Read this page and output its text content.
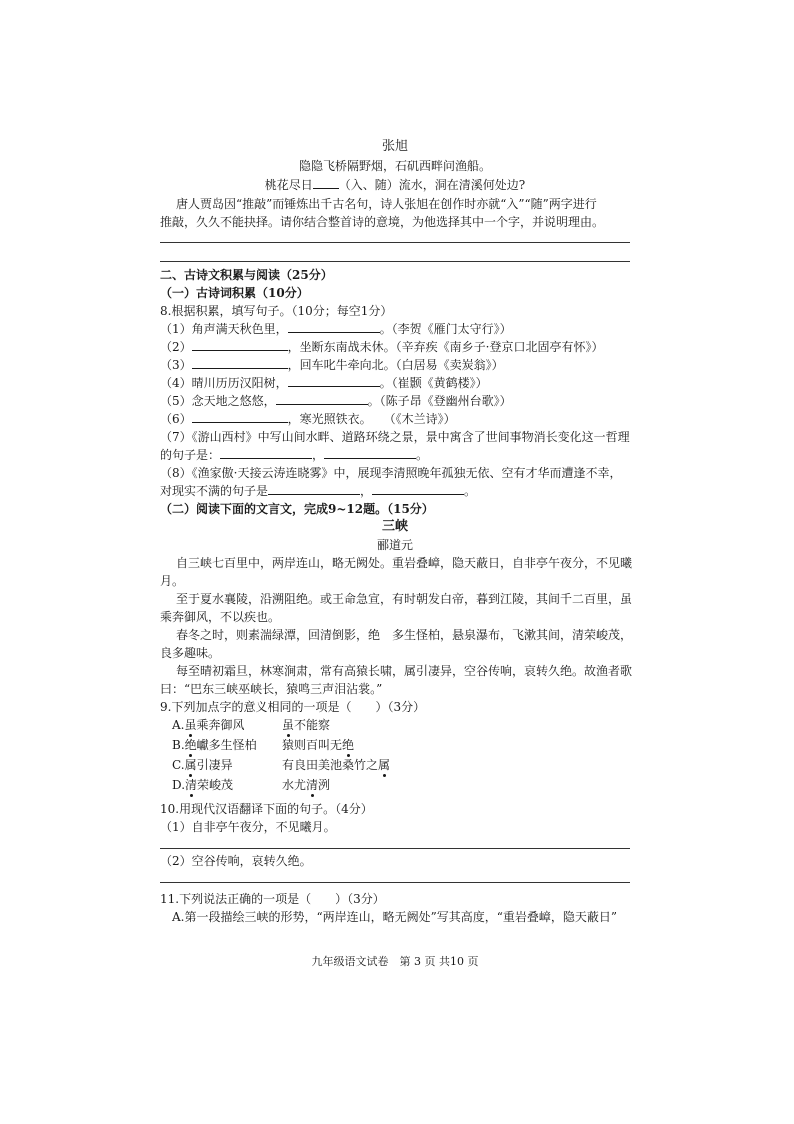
张旭
隐隐飞桥隔野烟，石矶西畔问渔船。
桃花尽日 （入、随）流水，洞在清溪何处边?
唐人贾岛因“推敲”而锤炼出千古名句，诗人张旭在创作时亦就“入”“随”两字进行
推敲，久久不能抉择。请你结合整首诗的意境，为他选择其中一个字，并说明理由。
二、古诗文积累与阅读（25分）
（一）古诗词积累（10分）
8.根据积累，填写句子。（10分；每空1分）
（1）角声满天秋色里，	。（李贺《雁门太守行》）
（2）	，坐断东南战未休。（辛弃疾《南乡子·登京口北固亭有怀》）
（3）	，回车叱牛牵向北。（白居易《卖炭翁》）
（4）晴川历历汉阳树，	。（崔颢《黄鹤楼》）
（5）念天地之悠悠，	。（陈子昂《登幽州台歌》）
（6）	，寒光照铁衣。　　（《木兰诗》）
（7）《游山西村》中写山间水畔、道路环绕之景，景中寓含了世间事物消长变化这一哲理
的句子是：	，	。
（8）《渔家傲·天接云涛连晓雾》中，展现李清照晚年孤独无依、空有才华而遭逢不幸，
对现实不满的句子是	，	。
（二）阅读下面的文言文，完成9~12题。（15分）
三峡
郦道元
自三峡七百里中，两岸连山，略无阙处。重岩叠嶂，隐天蔽日，自非亭午夜分，不见曦
月。
至于夏水襄陵，沿溯阻绝。或王命急宣，有时朝发白帝，暮到江陵，其间千二百里，虽
乘奔御风，不以疾也。
春冬之时，则素湍绿潭，回清倒影，绝　多生怪柏，悬泉瀑布，飞漱其间，清荣峻茂，
良多趣味。
每至晴初霜旦，林寒涧肃，常有高猿长啸，属引凄异，空谷传响，哀转久绝。故渔者歌
曰：“巴东三峡巫峡长，猿鸣三声泪沾裳。”
9.下列加点字的意义相同的一项是（　　）（3分）
A.虽乘奔御风	虽不能察
B.绝巘多生怪柏 猿则百叫无绝
C.属引凄异	有良田美池桑竹之属
D.清荣峻茂	水尤清洌
10.用现代汉语翻译下面的句子。（4分）
（1）自非亭午夜分，不见曦月。
（2）空谷传响，哀转久绝。
11.下列说法正确的一项是（　　）（3分）
A.第一段描绘三峡的形势，“两岸连山，略无阙处”写其高度，“重岩叠嶂，隐天蔽日”
九年级语文试卷　第 3 页 共10 页
